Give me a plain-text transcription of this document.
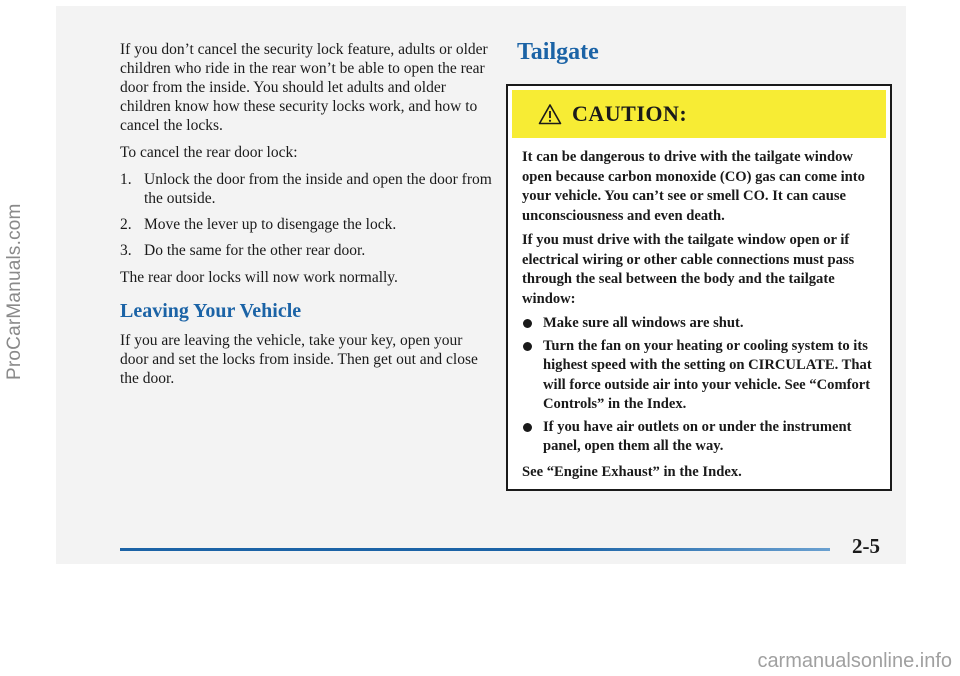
ProCarManuals.com

If you don’t cancel the security lock feature, adults or older children who ride in the rear won’t be able to open the rear door from the inside. You should let adults and older children know how these security locks work, and how to cancel the locks.

To cancel the rear door lock:

1. Unlock the door from the inside and open the door from the outside.
2. Move the lever up to disengage the lock.
3. Do the same for the other rear door.

The rear door locks will now work normally.

Leaving Your Vehicle

If you are leaving the vehicle, take your key, open your door and set the locks from inside. Then get out and close the door.

Tailgate
CAUTION:

It can be dangerous to drive with the tailgate window open because carbon monoxide (CO) gas can come into your vehicle. You can’t see or smell CO. It can cause unconsciousness and even death.

If you must drive with the tailgate window open or if electrical wiring or other cable connections must pass through the seal between the body and the tailgate window:

Make sure all windows are shut.
Turn the fan on your heating or cooling system to its highest speed with the setting on CIRCULATE. That will force outside air into your vehicle. See “Comfort Controls” in the Index.
If you have air outlets on or under the instrument panel, open them all the way.

See “Engine Exhaust” in the Index.

2-5
carmanualsonline.info
